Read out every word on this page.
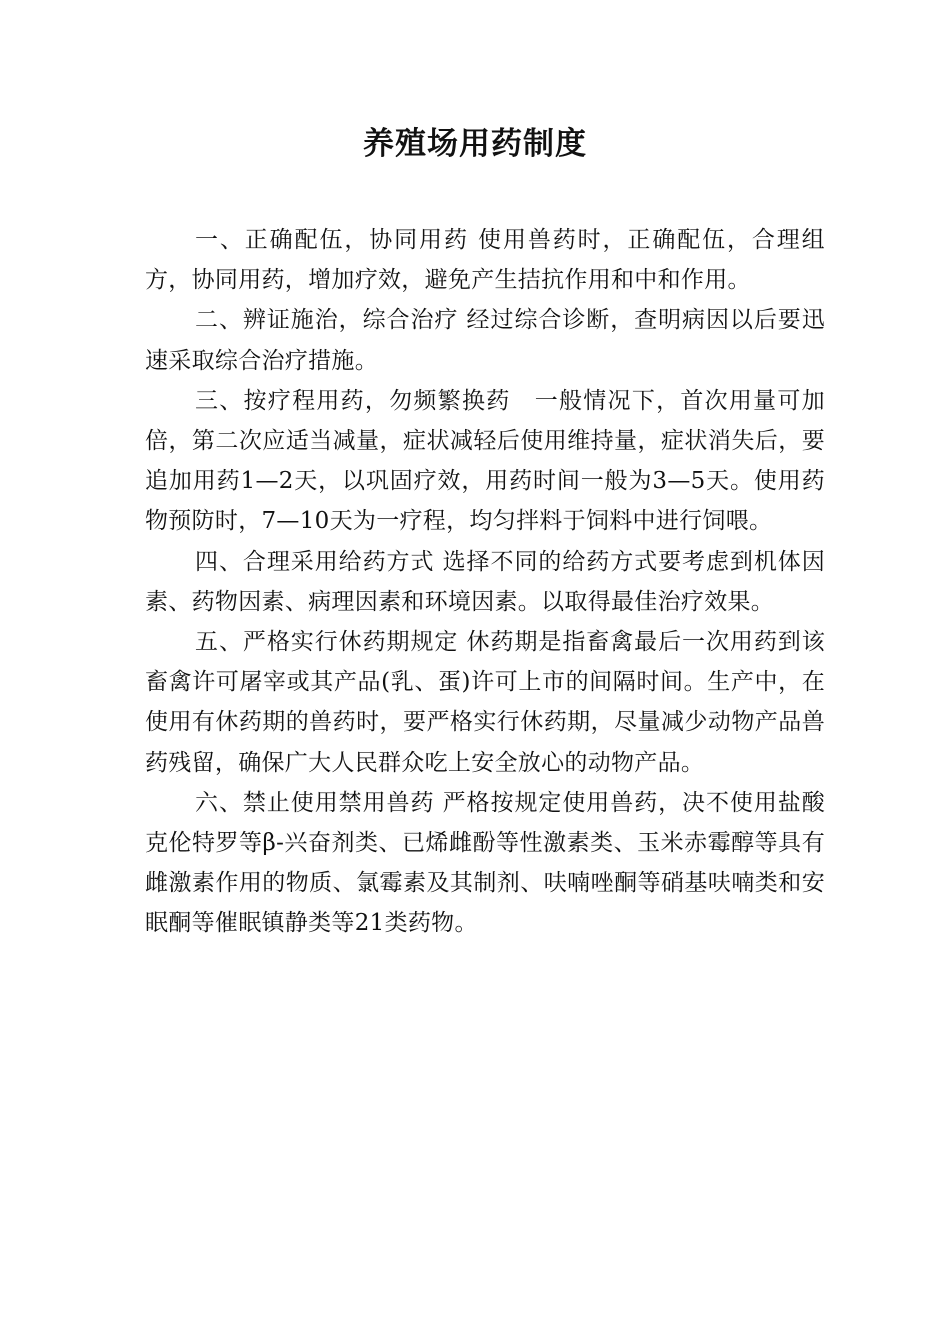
养殖场用药制度

一、正确配伍，协同用药 使用兽药时，正确配伍，合理组方，协同用药，增加疗效，避免产生拮抗作用和中和作用。

二、辨证施治，综合治疗 经过综合诊断，查明病因以后要迅速采取综合治疗措施。

三、按疗程用药，勿频繁换药　一般情况下，首次用量可加倍，第二次应适当减量，症状减轻后使用维持量，症状消失后，要追加用药1—2天，以巩固疗效，用药时间一般为3—5天。使用药物预防时，7—10天为一疗程，均匀拌料于饲料中进行饲喂。

四、合理采用给药方式 选择不同的给药方式要考虑到机体因素、药物因素、病理因素和环境因素。以取得最佳治疗效果。

五、严格实行休药期规定 休药期是指畜禽最后一次用药到该畜禽许可屠宰或其产品(乳、蛋)许可上市的间隔时间。生产中，在使用有休药期的兽药时，要严格实行休药期，尽量减少动物产品兽药残留，确保广大人民群众吃上安全放心的动物产品。

六、禁止使用禁用兽药 严格按规定使用兽药，决不使用盐酸克伦特罗等β-兴奋剂类、已烯雌酚等性激素类、玉米赤霉醇等具有雌激素作用的物质、氯霉素及其制剂、呋喃唑酮等硝基呋喃类和安眠酮等催眠镇静类等21类药物。
